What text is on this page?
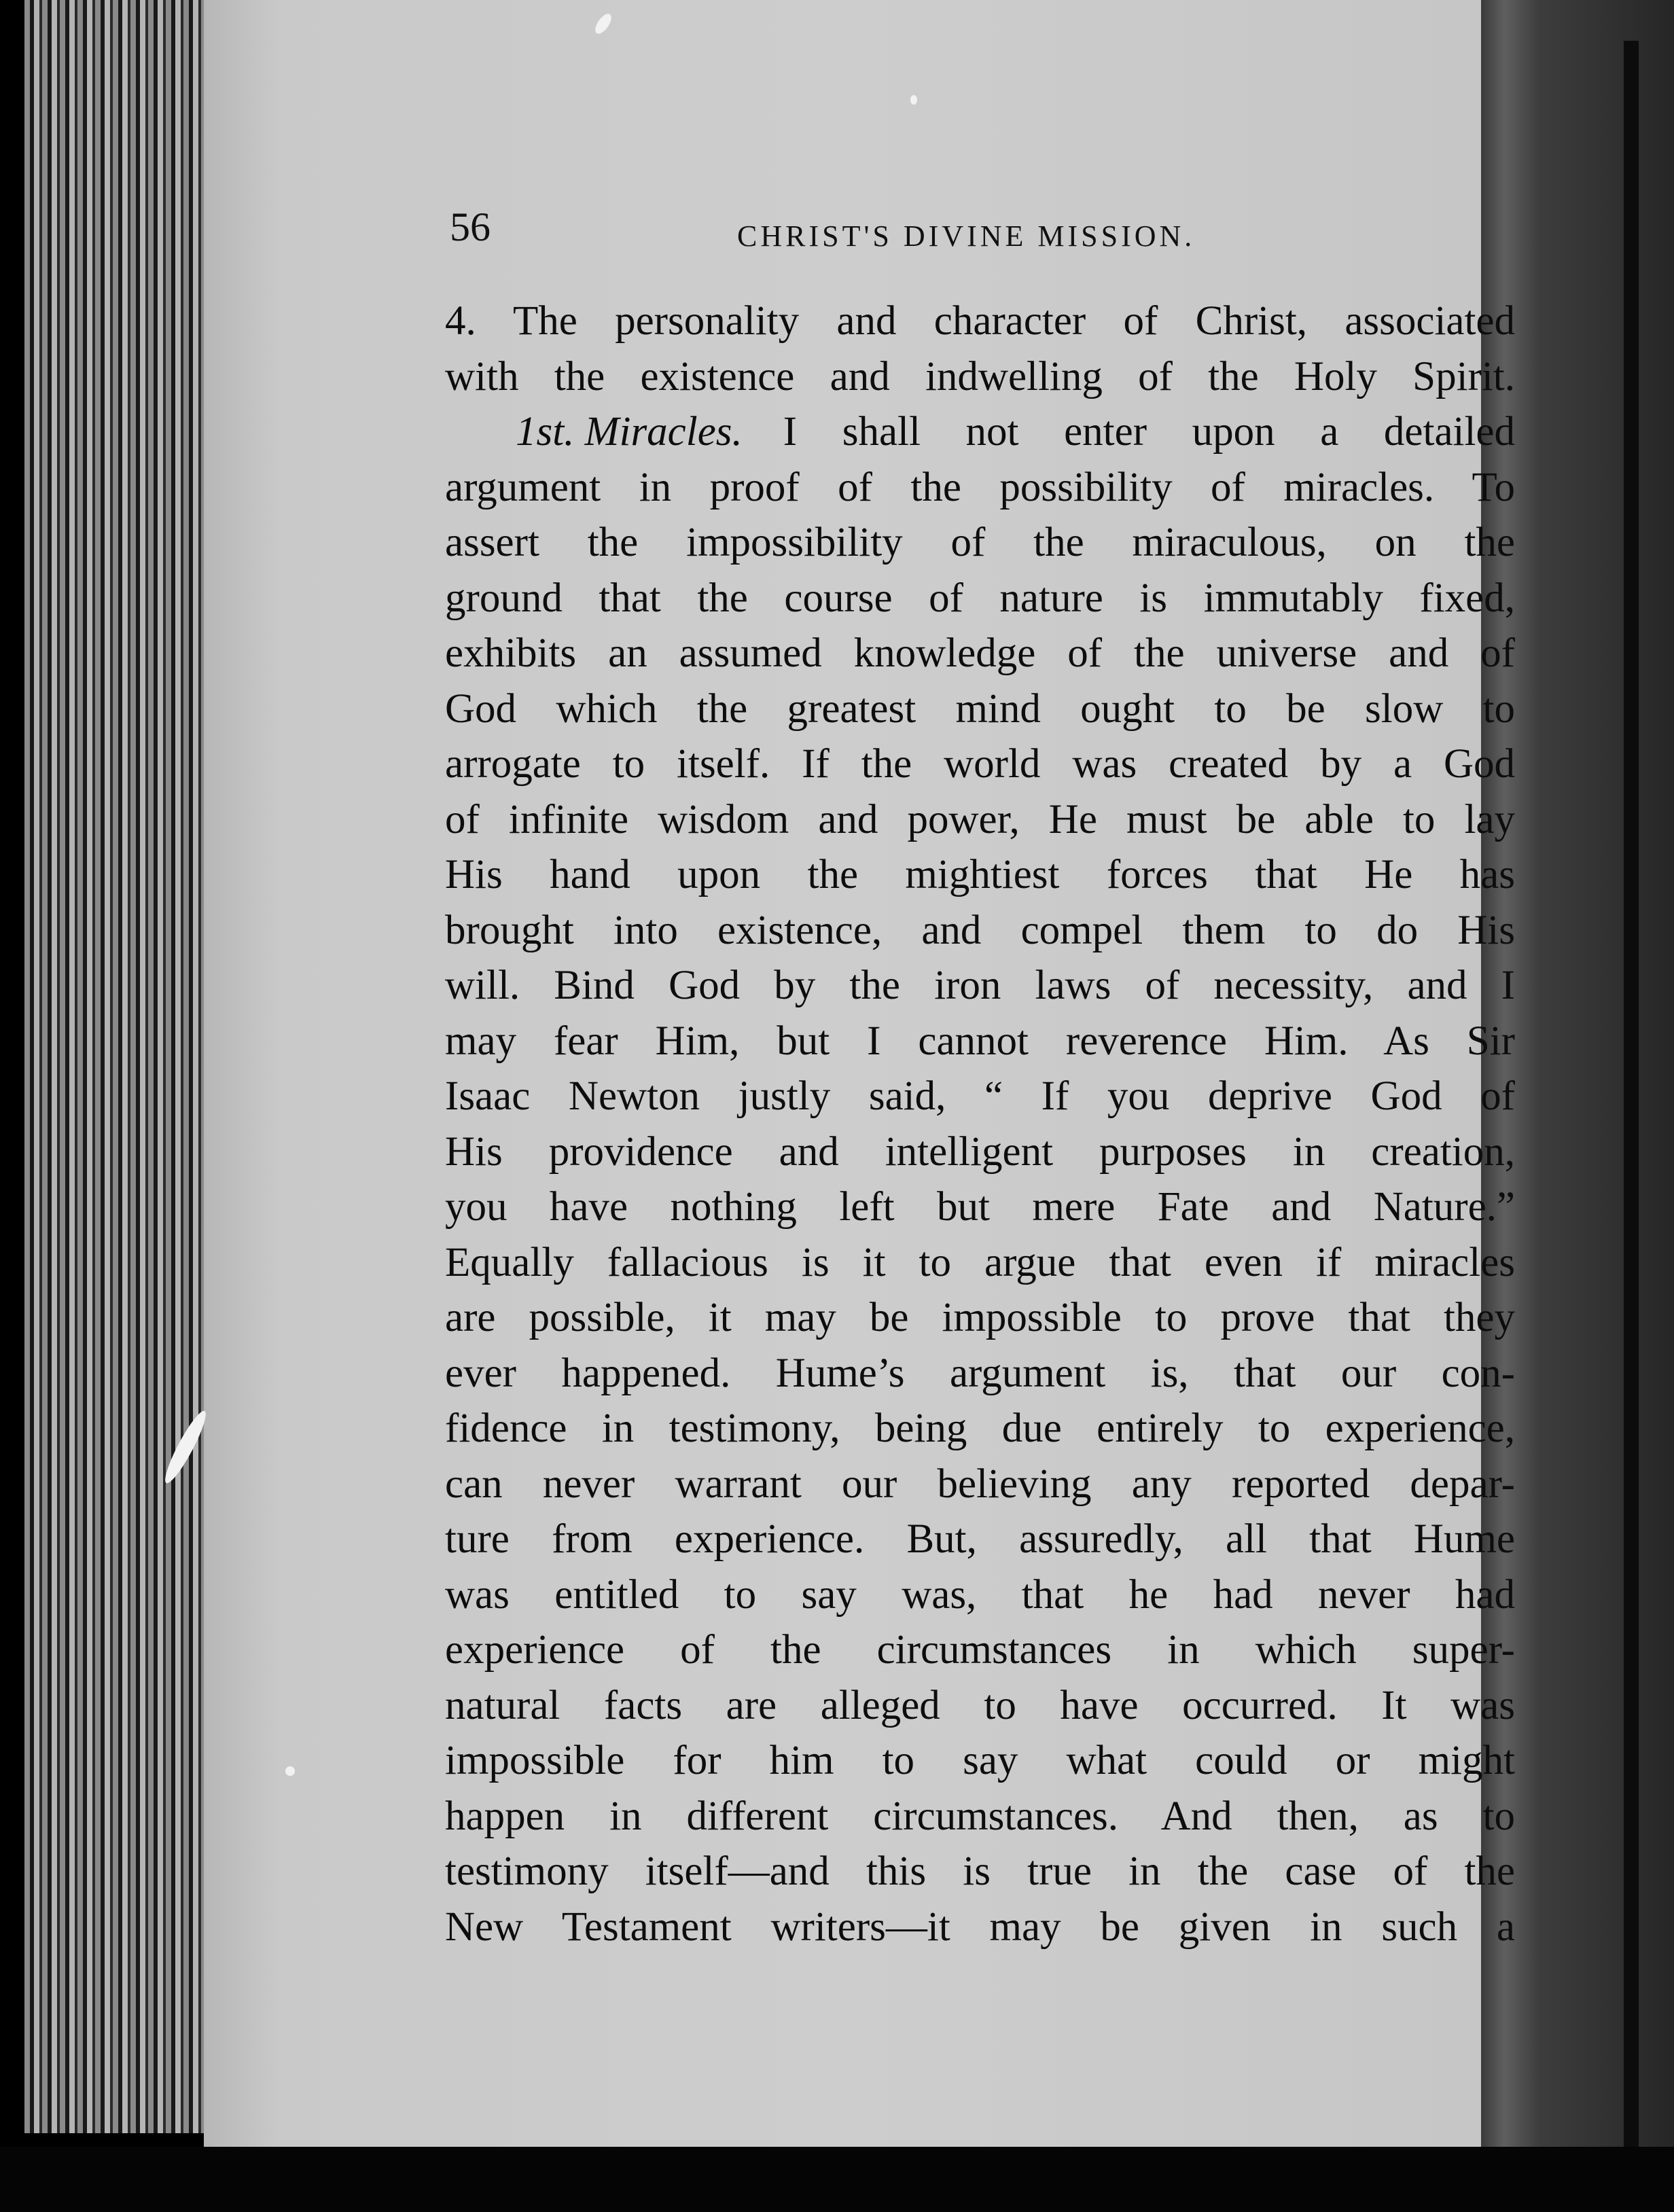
56	CHRIST'S DIVINE MISSION.
4. The personality and character of Christ, associated
with the existence and indwelling of the Holy Spirit.
1st. Miracles. I shall not enter upon a detailed
argument in proof of the possibility of miracles. To
assert the impossibility of the miraculous, on the
ground that the course of nature is immutably fixed,
exhibits an assumed knowledge of the universe and of
God which the greatest mind ought to be slow to
arrogate to itself. If the world was created by a God
of infinite wisdom and power, He must be able to lay
His hand upon the mightiest forces that He has
brought into existence, and compel them to do His
will. Bind God by the iron laws of necessity, and I
may fear Him, but I cannot reverence Him. As Sir
Isaac Newton justly said, “ If you deprive God of
His providence and intelligent purposes in creation,
you have nothing left but mere Fate and Nature.”
Equally fallacious is it to argue that even if miracles
are possible, it may be impossible to prove that they
ever happened. Hume’s argument is, that our con-
fidence in testimony, being due entirely to experience,
can never warrant our believing any reported depar-
ture from experience. But, assuredly, all that Hume
was entitled to say was, that he had never had
experience of the circumstances in which super-
natural facts are alleged to have occurred. It was
impossible for him to say what could or might
happen in different circumstances. And then, as to
testimony itself—and this is true in the case of the
New Testament writers—it may be given in such a
